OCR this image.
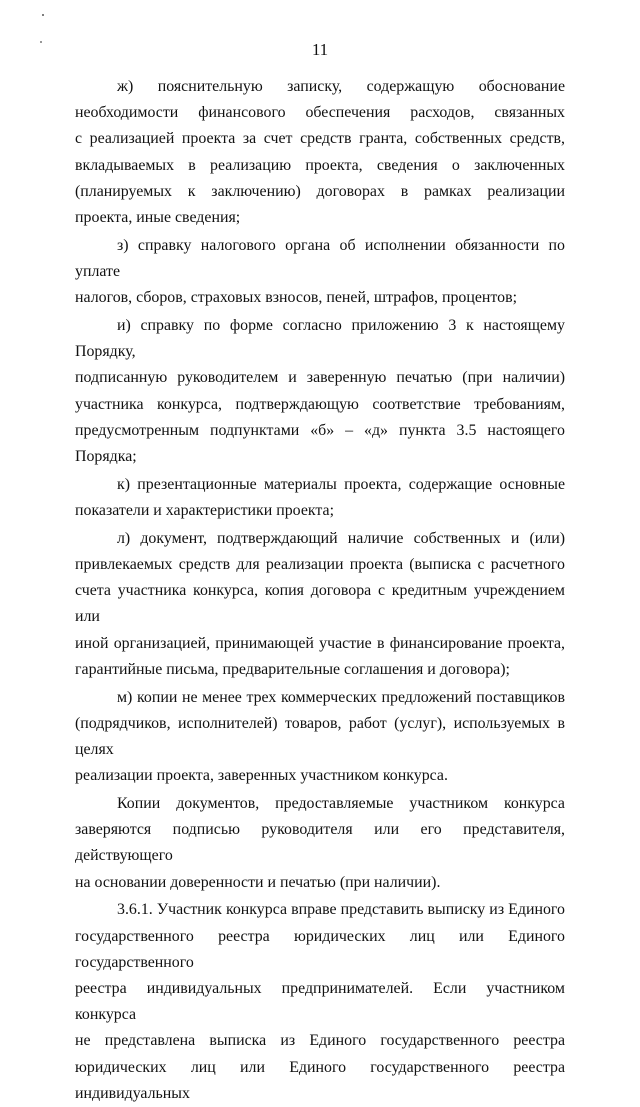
11

ж) пояснительную записку, содержащую обоснование

необходимости финансового обеспечения расходов, связанных

с реализацией проекта за счет средств гранта, собственных средств,

вкладываемых в реализацию проекта, сведения о заключенных

(планируемых к заключению) договорах в рамках реализации

проекта, иные сведения;

з) справку налогового органа об исполнении обязанности по уплате

налогов, сборов, страховых взносов, пеней, штрафов, процентов;

и) справку по форме согласно приложению 3 к настоящему Порядку,

подписанную руководителем и заверенную печатью (при наличии)

участника конкурса, подтверждающую соответствие требованиям,

предусмотренным подпунктами «б» – «д» пункта 3.5 настоящего Порядка;

к) презентационные материалы проекта, содержащие основные

показатели и характеристики проекта;

л) документ, подтверждающий наличие собственных и (или)

привлекаемых средств для реализации проекта (выписка с расчетного

счета участника конкурса, копия договора с кредитным учреждением или

иной организацией, принимающей участие в финансирование проекта,

гарантийные письма, предварительные соглашения и договора);

м) копии не менее трех коммерческих предложений поставщиков

(подрядчиков, исполнителей) товаров, работ (услуг), используемых в целях

реализации проекта, заверенных участником конкурса.

Копии документов, предоставляемые участником конкурса

заверяются подписью руководителя или его представителя, действующего

на основании доверенности и печатью (при наличии).

3.6.1. Участник конкурса вправе представить выписку из Единого

государственного реестра юридических лиц или Единого государственного

реестра индивидуальных предпринимателей. Если участником конкурса

не представлена выписка из Единого государственного реестра

юридических лиц или Единого государственного реестра индивидуальных
